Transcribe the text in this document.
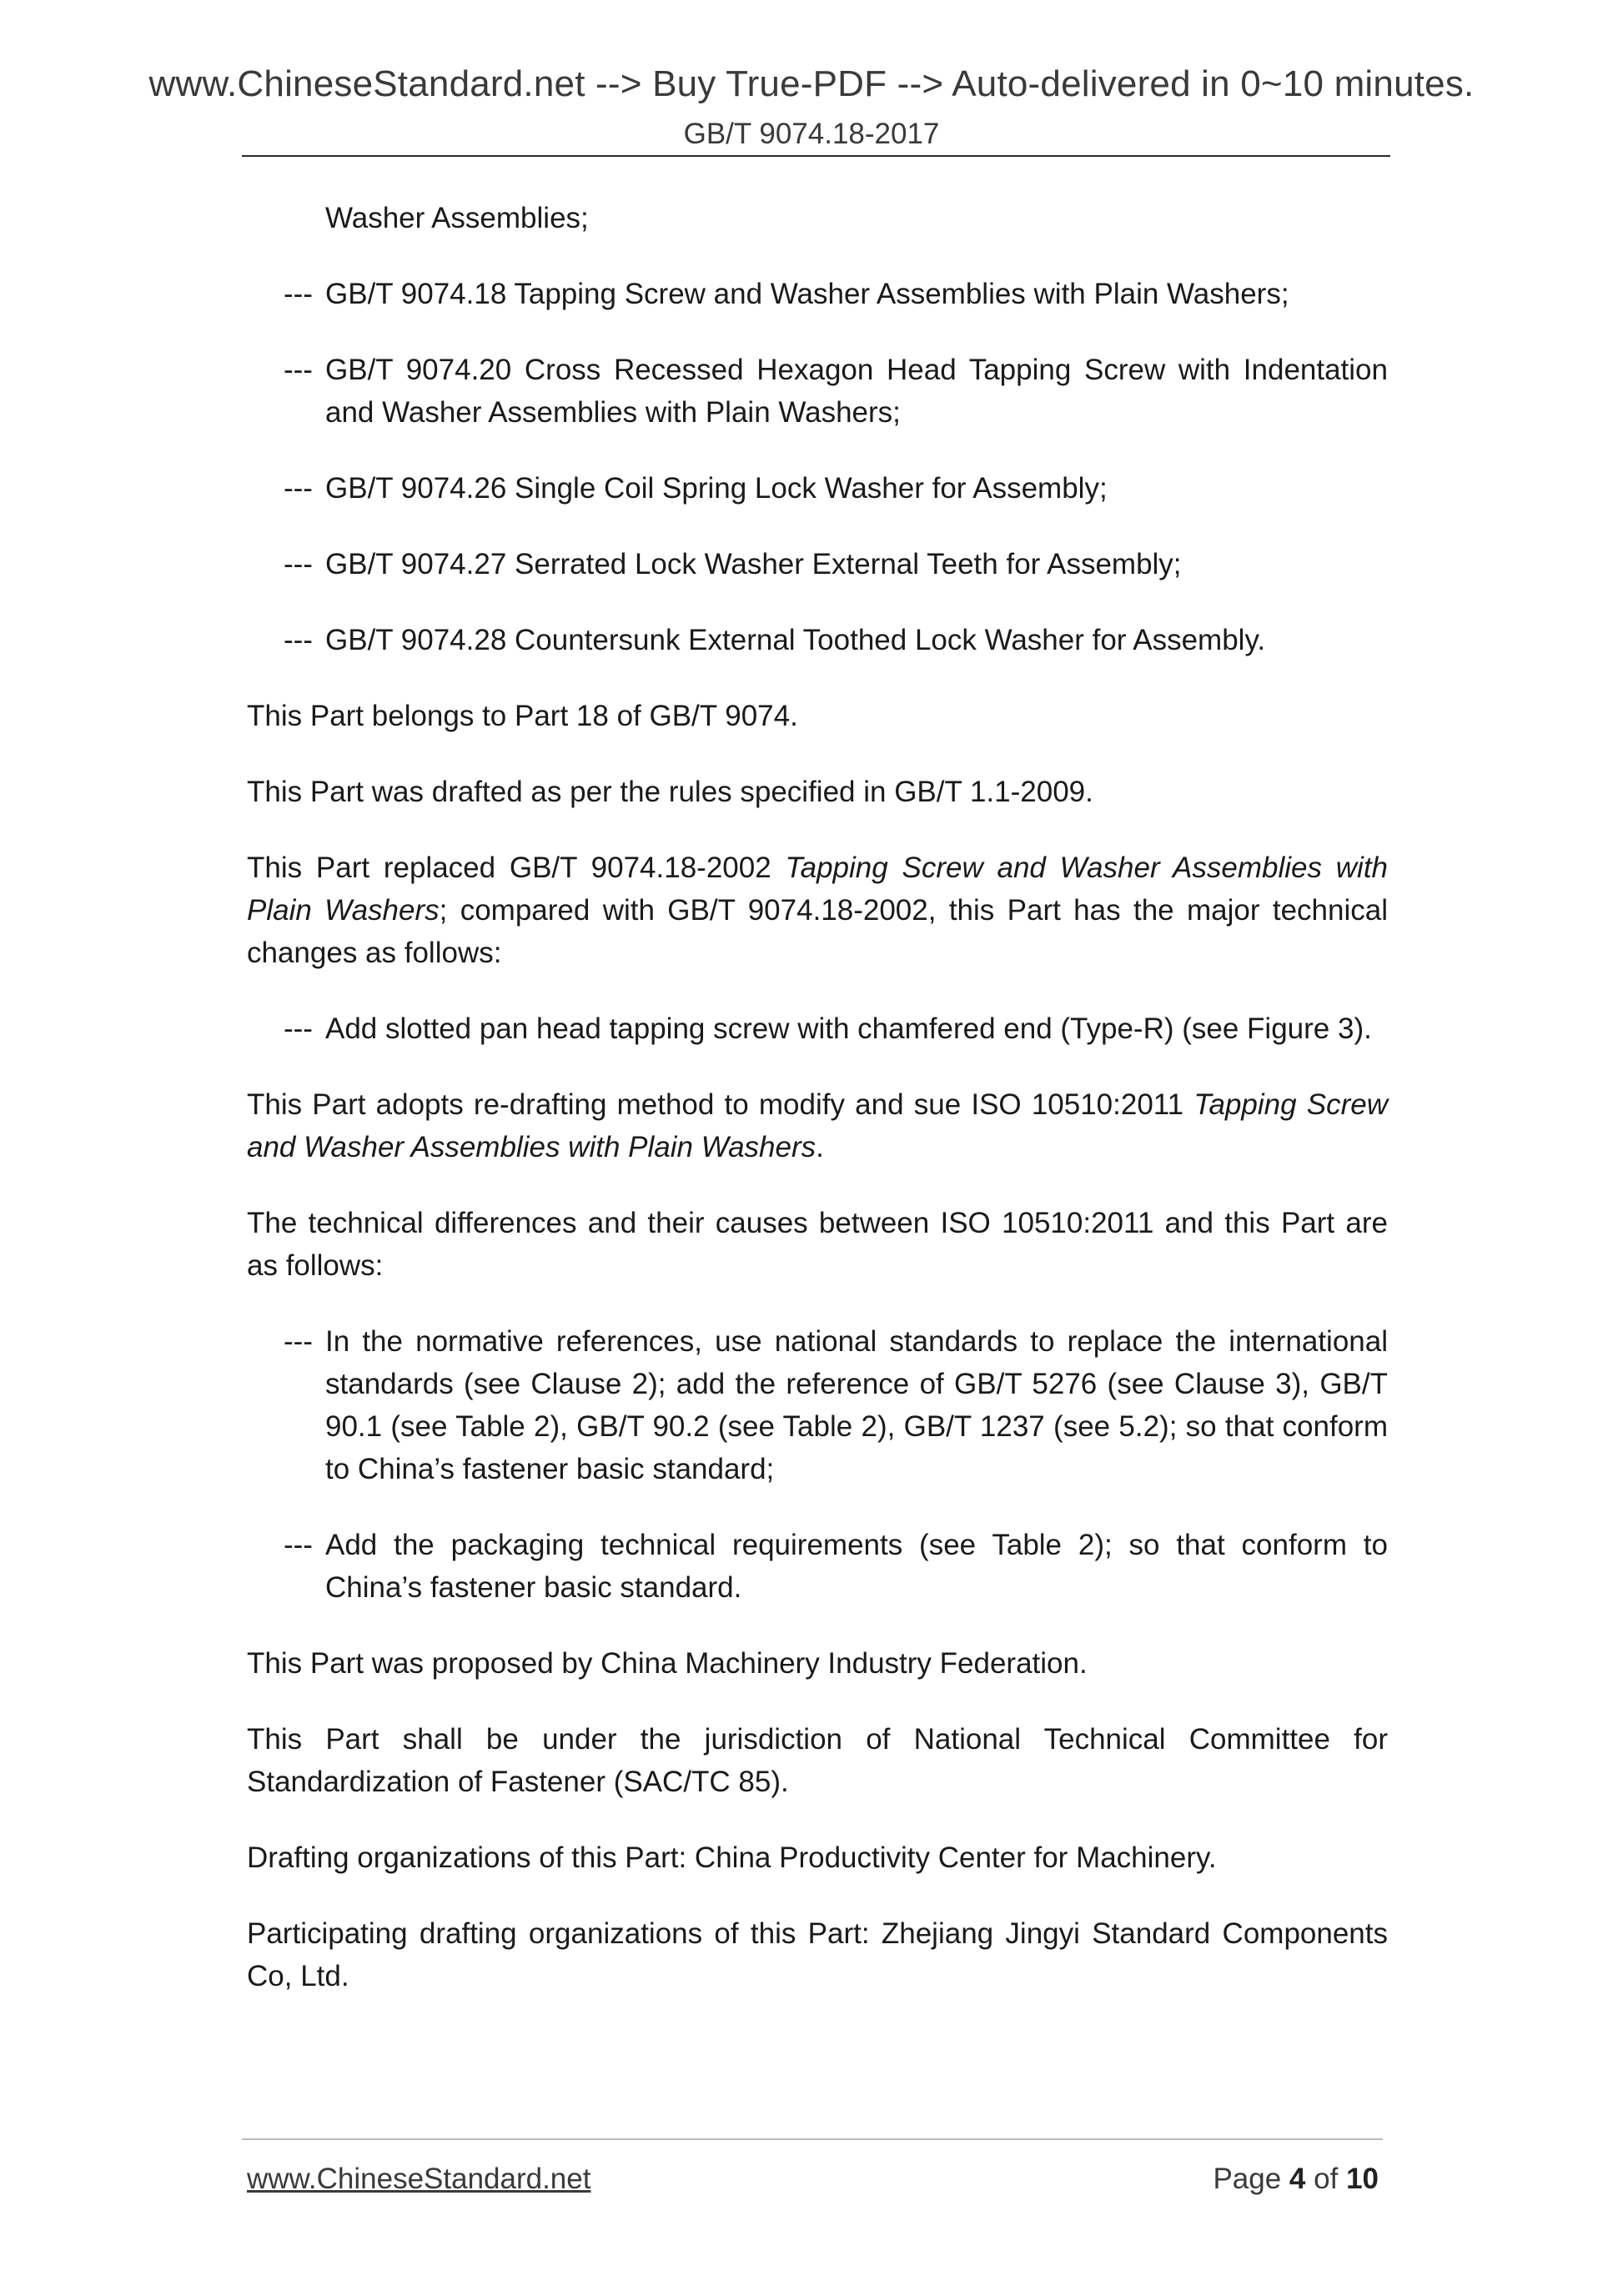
www.ChineseStandard.net --> Buy True-PDF --> Auto-delivered in 0~10 minutes.
GB/T 9074.18-2017
Washer Assemblies;
--- GB/T 9074.18 Tapping Screw and Washer Assemblies with Plain Washers;
--- GB/T 9074.20 Cross Recessed Hexagon Head Tapping Screw with Indentation and Washer Assemblies with Plain Washers;
--- GB/T 9074.26 Single Coil Spring Lock Washer for Assembly;
--- GB/T 9074.27 Serrated Lock Washer External Teeth for Assembly;
--- GB/T 9074.28 Countersunk External Toothed Lock Washer for Assembly.

This Part belongs to Part 18 of GB/T 9074.

This Part was drafted as per the rules specified in GB/T 1.1-2009.

This Part replaced GB/T 9074.18-2002 Tapping Screw and Washer Assemblies with Plain Washers; compared with GB/T 9074.18-2002, this Part has the major technical changes as follows:

--- Add slotted pan head tapping screw with chamfered end (Type-R) (see Figure 3).

This Part adopts re-drafting method to modify and sue ISO 10510:2011 Tapping Screw and Washer Assemblies with Plain Washers.

The technical differences and their causes between ISO 10510:2011 and this Part are as follows:

--- In the normative references, use national standards to replace the international standards (see Clause 2); add the reference of GB/T 5276 (see Clause 3), GB/T 90.1 (see Table 2), GB/T 90.2 (see Table 2), GB/T 1237 (see 5.2); so that conform to China’s fastener basic standard;
--- Add the packaging technical requirements (see Table 2); so that conform to China’s fastener basic standard.

This Part was proposed by China Machinery Industry Federation.

This Part shall be under the jurisdiction of National Technical Committee for Standardization of Fastener (SAC/TC 85).

Drafting organizations of this Part: China Productivity Center for Machinery.

Participating drafting organizations of this Part: Zhejiang Jingyi Standard Components Co, Ltd.

www.ChineseStandard.net	Page 4 of 10
